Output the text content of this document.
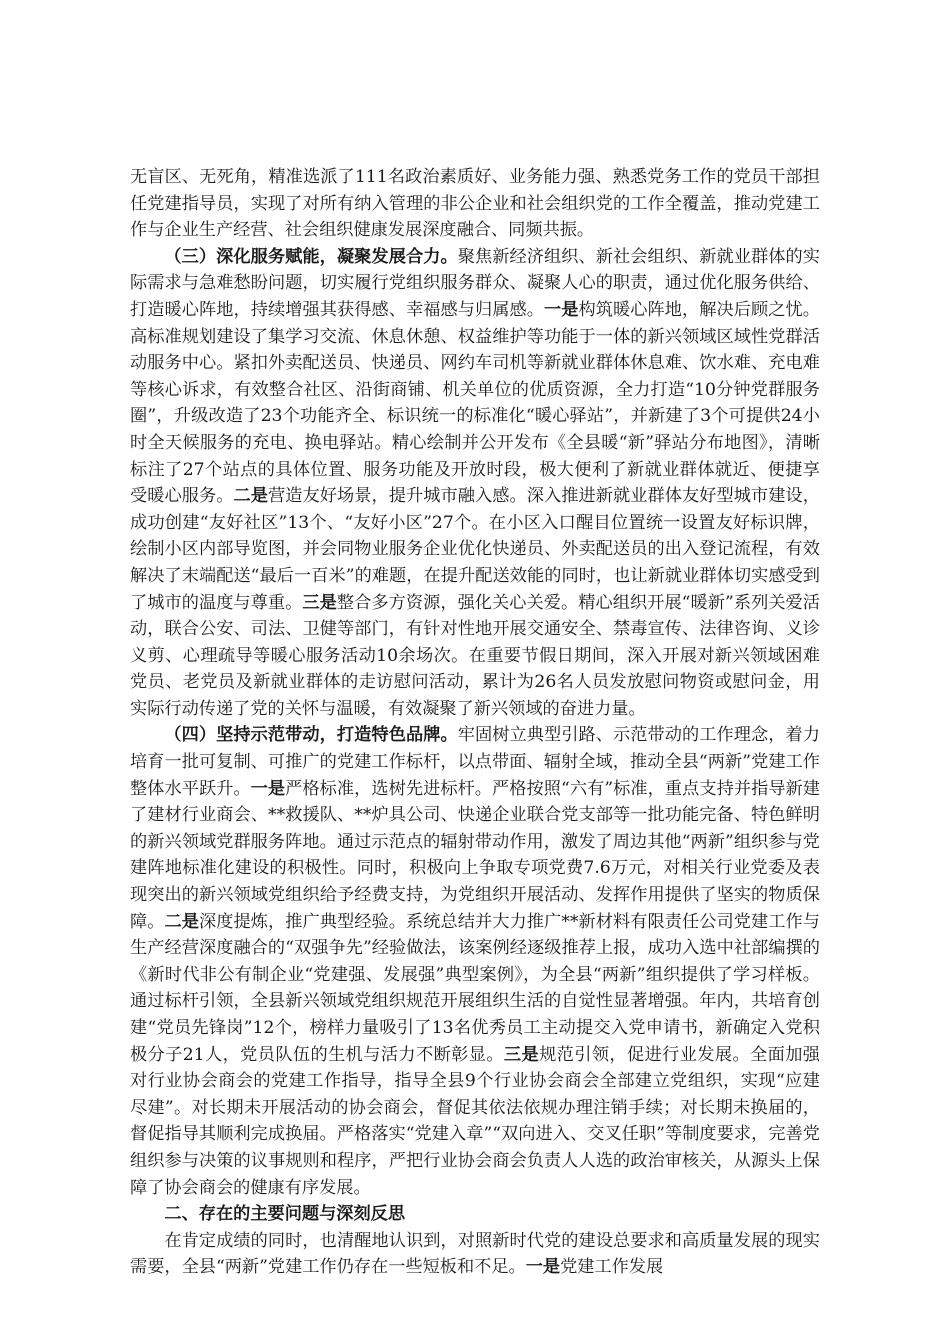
无盲区、无死角，精准选派了111名政治素质好、业务能力强、熟悉党务工作的党员干部担任党建指导员，实现了对所有纳入管理的非公企业和社会组织党的工作全覆盖，推动党建工作与企业生产经营、社会组织健康发展深度融合、同频共振。

（三）深化服务赋能，凝聚发展合力。聚焦新经济组织、新社会组织、新就业群体的实际需求与急难愁盼问题，切实履行党组织服务群众、凝聚人心的职责，通过优化服务供给、打造暖心阵地，持续增强其获得感、幸福感与归属感。一是构筑暖心阵地，解决后顾之忧。高标准规划建设了集学习交流、休息休憩、权益维护等功能于一体的新兴领域区域性党群活动服务中心。紧扣外卖配送员、快递员、网约车司机等新就业群体休息难、饮水难、充电难等核心诉求，有效整合社区、沿街商铺、机关单位的优质资源，全力打造“10分钟党群服务圈”，升级改造了23个功能齐全、标识统一的标准化“暖心驿站”，并新建了3个可提供24小时全天候服务的充电、换电驿站。精心绘制并公开发布《全县暖“新”驿站分布地图》，清晰标注了27个站点的具体位置、服务功能及开放时段，极大便利了新就业群体就近、便捷享受暖心服务。二是营造友好场景，提升城市融入感。深入推进新就业群体友好型城市建设，成功创建“友好社区”13个、“友好小区”27个。在小区入口醒目位置统一设置友好标识牌，绘制小区内部导览图，并会同物业服务企业优化快递员、外卖配送员的出入登记流程，有效解决了末端配送“最后一百米”的难题，在提升配送效能的同时，也让新就业群体切实感受到了城市的温度与尊重。三是整合多方资源，强化关心关爱。精心组织开展“暖新”系列关爱活动，联合公安、司法、卫健等部门，有针对性地开展交通安全、禁毒宣传、法律咨询、义诊义剪、心理疏导等暖心服务活动10余场次。在重要节假日期间，深入开展对新兴领域困难党员、老党员及新就业群体的走访慰问活动，累计为26名人员发放慰问物资或慰问金，用实际行动传递了党的关怀与温暖，有效凝聚了新兴领域的奋进力量。

（四）坚持示范带动，打造特色品牌。牢固树立典型引路、示范带动的工作理念，着力培育一批可复制、可推广的党建工作标杆，以点带面、辐射全域，推动全县“两新”党建工作整体水平跃升。一是严格标准，选树先进标杆。严格按照“六有”标准，重点支持并指导新建了建材行业商会、**救援队、**炉具公司、快递企业联合党支部等一批功能完备、特色鲜明的新兴领域党群服务阵地。通过示范点的辐射带动作用，激发了周边其他“两新”组织参与党建阵地标准化建设的积极性。同时，积极向上争取专项党费7.6万元，对相关行业党委及表现突出的新兴领域党组织给予经费支持，为党组织开展活动、发挥作用提供了坚实的物质保障。二是深度提炼，推广典型经验。系统总结并大力推广**新材料有限责任公司党建工作与生产经营深度融合的“双强争先”经验做法，该案例经逐级推荐上报，成功入选中社部编撰的《新时代非公有制企业“党建强、发展强”典型案例》，为全县“两新”组织提供了学习样板。通过标杆引领，全县新兴领域党组织规范开展组织生活的自觉性显著增强。年内，共培育创建“党员先锋岗”12个，榜样力量吸引了13名优秀员工主动提交入党申请书，新确定入党积极分子21人，党员队伍的生机与活力不断彰显。三是规范引领，促进行业发展。全面加强对行业协会商会的党建工作指导，指导全县9个行业协会商会全部建立党组织，实现“应建尽建”。对长期未开展活动的协会商会，督促其依法依规办理注销手续；对长期未换届的，督促指导其顺利完成换届。严格落实“党建入章”“双向进入、交叉任职”等制度要求，完善党组织参与决策的议事规则和程序，严把行业协会商会负责人人选的政治审核关，从源头上保障了协会商会的健康有序发展。

二、存在的主要问题与深刻反思

在肯定成绩的同时，也清醒地认识到，对照新时代党的建设总要求和高质量发展的现实需要，全县“两新”党建工作仍存在一些短板和不足。一是党建工作发展
